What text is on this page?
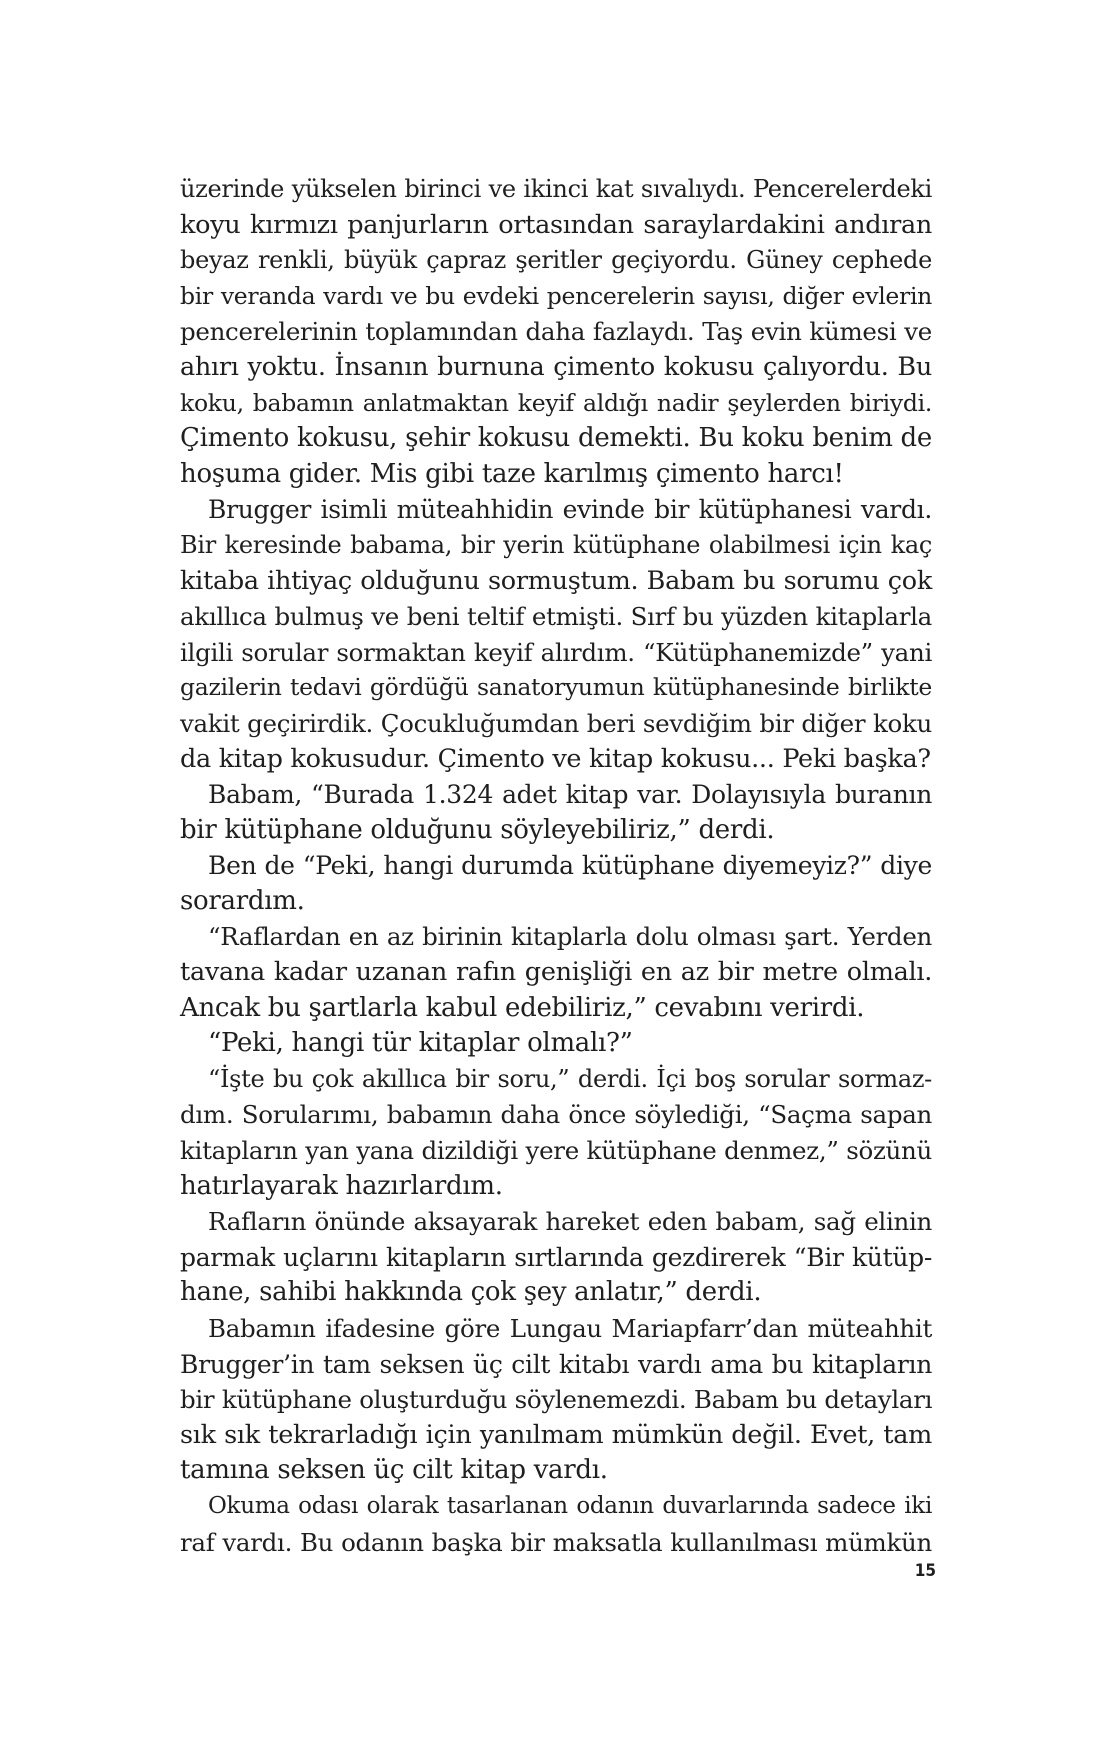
üzerinde yükselen birinci ve ikinci kat sıvalıydı. Pencerelerdeki
koyu kırmızı panjurların ortasından saraylardakini andıran
beyaz renkli, büyük çapraz şeritler geçiyordu. Güney cephede
bir veranda vardı ve bu evdeki pencerelerin sayısı, diğer evlerin
pencerelerinin toplamından daha fazlaydı. Taş evin kümesi ve
ahırı yoktu. İnsanın burnuna çimento kokusu çalıyordu. Bu
koku, babamın anlatmaktan keyif aldığı nadir şeylerden biriydi.
Çimento kokusu, şehir kokusu demekti. Bu koku benim de
hoşuma gider. Mis gibi taze karılmış çimento harcı!
Brugger isimli müteahhidin evinde bir kütüphanesi vardı.
Bir keresinde babama, bir yerin kütüphane olabilmesi için kaç
kitaba ihtiyaç olduğunu sormuştum. Babam bu sorumu çok
akıllıca bulmuş ve beni teltif etmişti. Sırf bu yüzden kitaplarla
ilgili sorular sormaktan keyif alırdım. “Kütüphanemizde” yani
gazilerin tedavi gördüğü sanatoryumun kütüphanesinde birlikte
vakit geçirirdik. Çocukluğumdan beri sevdiğim bir diğer koku
da kitap kokusudur. Çimento ve kitap kokusu... Peki başka?
Babam, “Burada 1.324 adet kitap var. Dolayısıyla buranın
bir kütüphane olduğunu söyleyebiliriz,” derdi.
Ben de “Peki, hangi durumda kütüphane diyemeyiz?” diye
sorardım.
“Raflardan en az birinin kitaplarla dolu olması şart. Yerden
tavana kadar uzanan rafın genişliği en az bir metre olmalı.
Ancak bu şartlarla kabul edebiliriz,” cevabını verirdi.
“Peki, hangi tür kitaplar olmalı?”
“İşte bu çok akıllıca bir soru,” derdi. İçi boş sorular sormaz-
dım. Sorularımı, babamın daha önce söylediği, “Saçma sapan
kitapların yan yana dizildiği yere kütüphane denmez,” sözünü
hatırlayarak hazırlardım.
Rafların önünde aksayarak hareket eden babam, sağ elinin
parmak uçlarını kitapların sırtlarında gezdirerek “Bir kütüp-
hane, sahibi hakkında çok şey anlatır,” derdi.
Babamın ifadesine göre Lungau Mariapfarr’dan müteahhit
Brugger’in tam seksen üç cilt kitabı vardı ama bu kitapların
bir kütüphane oluşturduğu söylenemezdi. Babam bu detayları
sık sık tekrarladığı için yanılmam mümkün değil. Evet, tam
tamına seksen üç cilt kitap vardı.
Okuma odası olarak tasarlanan odanın duvarlarında sadece iki
raf vardı. Bu odanın başka bir maksatla kullanılması mümkün
15
